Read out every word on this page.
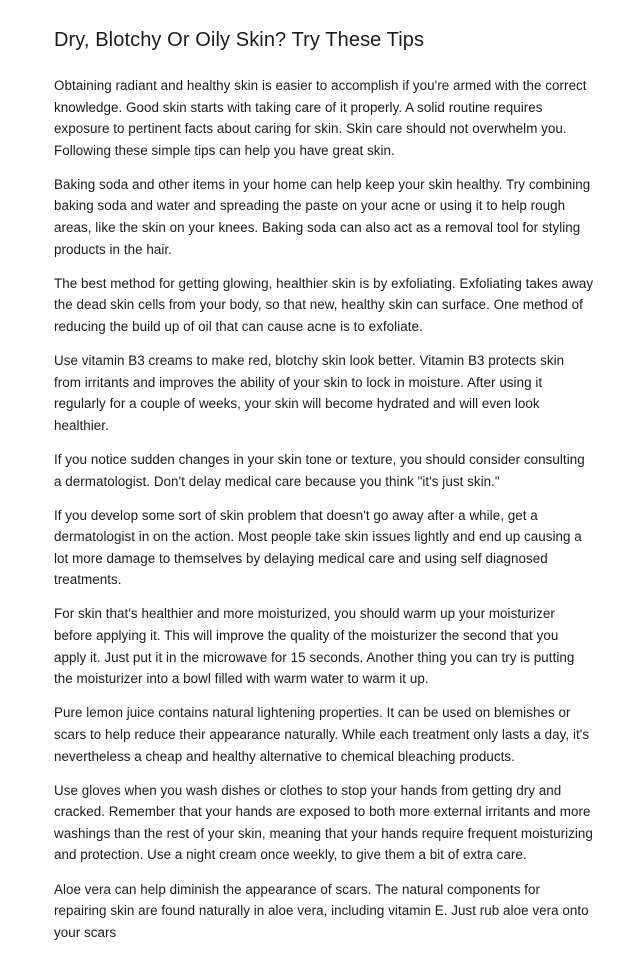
Dry, Blotchy Or Oily Skin? Try These Tips

Obtaining radiant and healthy skin is easier to accomplish if you're armed with the correct knowledge. Good skin starts with taking care of it properly. A solid routine requires exposure to pertinent facts about caring for skin. Skin care should not overwhelm you. Following these simple tips can help you have great skin.

Baking soda and other items in your home can help keep your skin healthy. Try combining baking soda and water and spreading the paste on your acne or using it to help rough areas, like the skin on your knees. Baking soda can also act as a removal tool for styling products in the hair.

The best method for getting glowing, healthier skin is by exfoliating. Exfoliating takes away the dead skin cells from your body, so that new, healthy skin can surface. One method of reducing the build up of oil that can cause acne is to exfoliate.

Use vitamin B3 creams to make red, blotchy skin look better. Vitamin B3 protects skin from irritants and improves the ability of your skin to lock in moisture. After using it regularly for a couple of weeks, your skin will become hydrated and will even look healthier.

If you notice sudden changes in your skin tone or texture, you should consider consulting a dermatologist. Don't delay medical care because you think "it's just skin."

If you develop some sort of skin problem that doesn't go away after a while, get a dermatologist in on the action. Most people take skin issues lightly and end up causing a lot more damage to themselves by delaying medical care and using self diagnosed treatments.

For skin that's healthier and more moisturized, you should warm up your moisturizer before applying it. This will improve the quality of the moisturizer the second that you apply it. Just put it in the microwave for 15 seconds. Another thing you can try is putting the moisturizer into a bowl filled with warm water to warm it up.

Pure lemon juice contains natural lightening properties. It can be used on blemishes or scars to help reduce their appearance naturally. While each treatment only lasts a day, it's nevertheless a cheap and healthy alternative to chemical bleaching products.

Use gloves when you wash dishes or clothes to stop your hands from getting dry and cracked. Remember that your hands are exposed to both more external irritants and more washings than the rest of your skin, meaning that your hands require frequent moisturizing and protection. Use a night cream once weekly, to give them a bit of extra care.

Aloe vera can help diminish the appearance of scars. The natural components for repairing skin are found naturally in aloe vera, including vitamin E. Just rub aloe vera onto your scars
